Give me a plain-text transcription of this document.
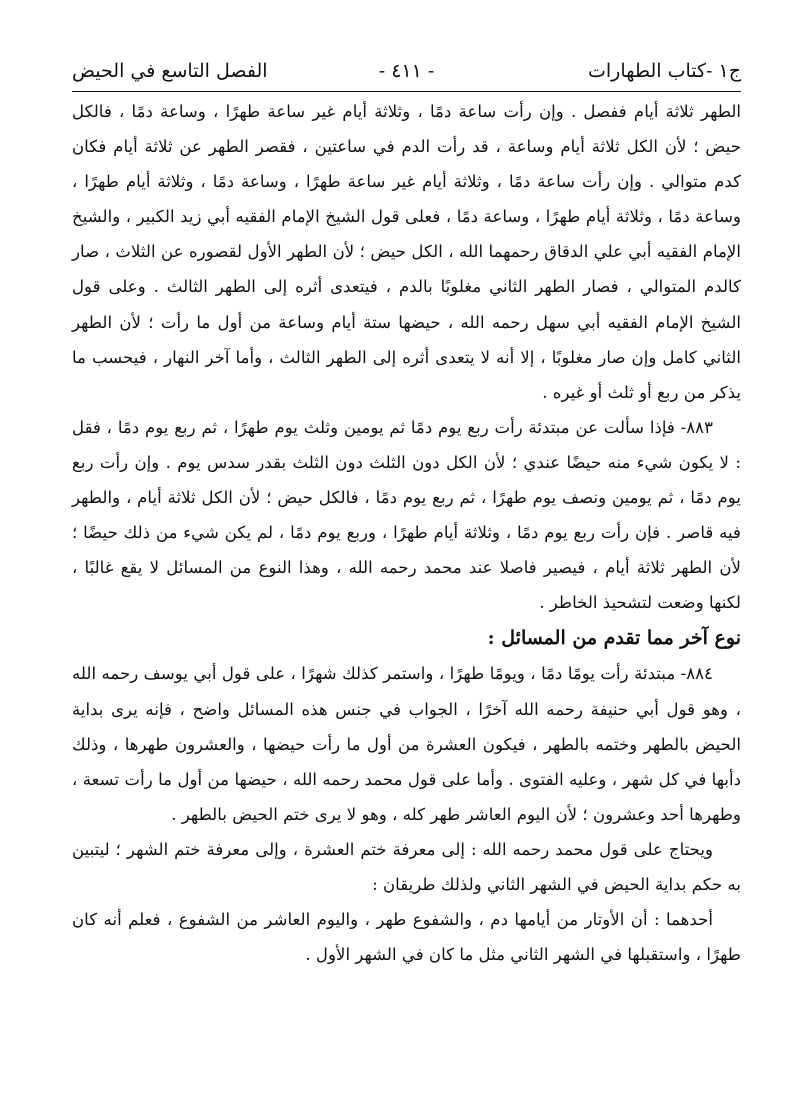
ج١ -كتاب الطهارات
- ٤١١ -
الفصل التاسع في الحيض

الطهر ثلاثة أيام ففصل . وإن رأت ساعة دمًا ، وثلاثة أيام غير ساعة طهرًا ، وساعة دمًا ، فالكل حيض ؛ لأن الكل ثلاثة أيام وساعة ، قد رأت الدم في ساعتين ، فقصر الطهر عن ثلاثة أيام فكان كدم متوالي . وإن رأت ساعة دمًا ، وثلاثة أيام غير ساعة طهرًا ، وساعة دمًا ، وثلاثة أيام طهرًا ، وساعة دمًا ، وثلاثة أيام طهرًا ، وساعة دمًا ، فعلى قول الشيخ الإمام الفقيه أبي زيد الكبير ، والشيخ الإمام الفقيه أبي علي الدقاق رحمهما الله ، الكل حيض ؛ لأن الطهر الأول لقصوره عن الثلاث ، صار كالدم المتوالي ، فصار الطهر الثاني مغلوبًا بالدم ، فيتعدى أثره إلى الطهر الثالث . وعلى قول الشيخ الإمام الفقيه أبي سهل رحمه الله ، حيضها ستة أيام وساعة من أول ما رأت ؛ لأن الطهر الثاني كامل وإن صار مغلوبًا ، إلا أنه لا يتعدى أثره إلى الطهر الثالث ، وأما آخر النهار ، فيحسب ما يذكر من ربع أو ثلث أو غيره .

٨٨٣- فإذا سألت عن مبتدئة رأت ربع يوم دمًا ثم يومين وثلث يوم طهرًا ، ثم ربع يوم دمًا ، فقل : لا يكون شيء منه حيضًا عندي ؛ لأن الكل دون الثلث دون الثلث بقدر سدس يوم . وإن رأت ربع يوم دمًا ، ثم يومين ونصف يوم طهرًا ، ثم ربع يوم دمًا ، فالكل حيض ؛ لأن الكل ثلاثة أيام ، والطهر فيه قاصر . فإن رأت ربع يوم دمًا ، وثلاثة أيام طهرًا ، وربع يوم دمًا ، لم يكن شيء من ذلك حيضًا ؛ لأن الطهر ثلاثة أيام ، فيصير فاصلا عند محمد رحمه الله ، وهذا النوع من المسائل لا يقع غالبًا ، لكنها وضعت لتشحيذ الخاطر .

نوع آخر مما تقدم من المسائل :

٨٨٤- مبتدئة رأت يومًا دمًا ، ويومًا طهرًا ، واستمر كذلك شهرًا ، على قول أبي يوسف رحمه الله ، وهو قول أبي حنيفة رحمه الله آخرًا ، الجواب في جنس هذه المسائل واضح ، فإنه يرى بداية الحيض بالطهر وختمه بالطهر ، فيكون العشرة من أول ما رأت حيضها ، والعشرون طهرها ، وذلك دأبها في كل شهر ، وعليه الفتوى . وأما على قول محمد رحمه الله ، حيضها من أول ما رأت تسعة ، وطهرها أحد وعشرون ؛ لأن اليوم العاشر طهر كله ، وهو لا يرى ختم الحيض بالطهر .

ويحتاج على قول محمد رحمه الله : إلى معرفة ختم العشرة ، وإلى معرفة ختم الشهر ؛ ليتبين به حكم بداية الحيض في الشهر الثاني ولذلك طريقان :

أحدهما : أن الأوتار من أيامها دم ، والشفوع طهر ، واليوم العاشر من الشفوع ، فعلم أنه كان طهرًا ، واستقبلها في الشهر الثاني مثل ما كان في الشهر الأول .
